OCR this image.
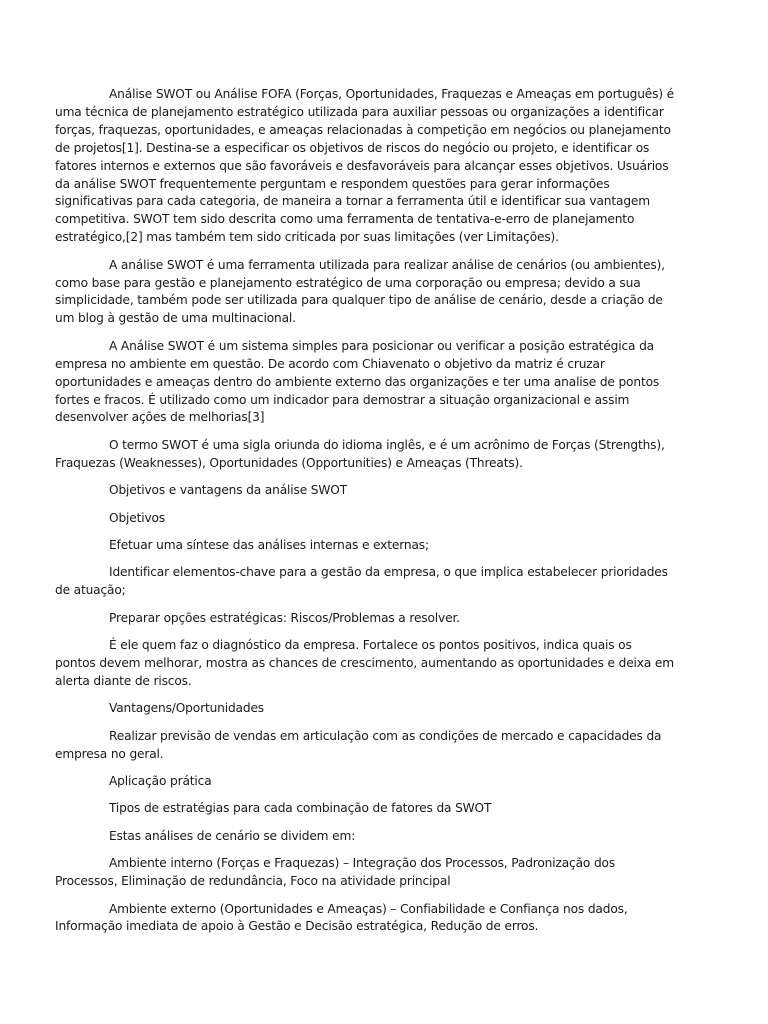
Análise SWOT ou Análise FOFA (Forças, Oportunidades, Fraquezas e Ameaças em português) é uma técnica de planejamento estratégico utilizada para auxiliar pessoas ou organizações a identificar forças, fraquezas, oportunidades, e ameaças relacionadas à competição em negócios ou planejamento de projetos[1]. Destina-se a especificar os objetivos de riscos do negócio ou projeto, e identificar os fatores internos e externos que são favoráveis e desfavoráveis para alcançar esses objetivos. Usuários da análise SWOT frequentemente perguntam e respondem questões para gerar informações significativas para cada categoria, de maneira a tornar a ferramenta útil e identificar sua vantagem competitiva. SWOT tem sido descrita como uma ferramenta de tentativa-e-erro de planejamento estratégico,[2] mas também tem sido criticada por suas limitações (ver Limitações).

A análise SWOT é uma ferramenta utilizada para realizar análise de cenários (ou ambientes), como base para gestão e planejamento estratégico de uma corporação ou empresa; devido a sua simplicidade, também pode ser utilizada para qualquer tipo de análise de cenário, desde a criação de um blog à gestão de uma multinacional.

A Análise SWOT é um sistema simples para posicionar ou verificar a posição estratégica da empresa no ambiente em questão. De acordo com Chiavenato o objetivo da matriz é cruzar oportunidades e ameaças dentro do ambiente externo das organizações e ter uma analise de pontos fortes e fracos. É utilizado como um indicador para demostrar a situação organizacional e assim desenvolver ações de melhorias[3]

O termo SWOT é uma sigla oriunda do idioma inglês, e é um acrônimo de Forças (Strengths), Fraquezas (Weaknesses), Oportunidades (Opportunities) e Ameaças (Threats).

Objetivos e vantagens da análise SWOT

Objetivos

Efetuar uma síntese das análises internas e externas;

Identificar elementos-chave para a gestão da empresa, o que implica estabelecer prioridades de atuação;

Preparar opções estratégicas: Riscos/Problemas a resolver.

É ele quem faz o diagnóstico da empresa. Fortalece os pontos positivos, indica quais os pontos devem melhorar, mostra as chances de crescimento, aumentando as oportunidades e deixa em alerta diante de riscos.

Vantagens/Oportunidades

Realizar previsão de vendas em articulação com as condições de mercado e capacidades da empresa no geral.

Aplicação prática

Tipos de estratégias para cada combinação de fatores da SWOT

Estas análises de cenário se dividem em:

Ambiente interno (Forças e Fraquezas) – Integração dos Processos, Padronização dos Processos, Eliminação de redundância, Foco na atividade principal

Ambiente externo (Oportunidades e Ameaças) – Confiabilidade e Confiança nos dados, Informação imediata de apoio à Gestão e Decisão estratégica, Redução de erros.
